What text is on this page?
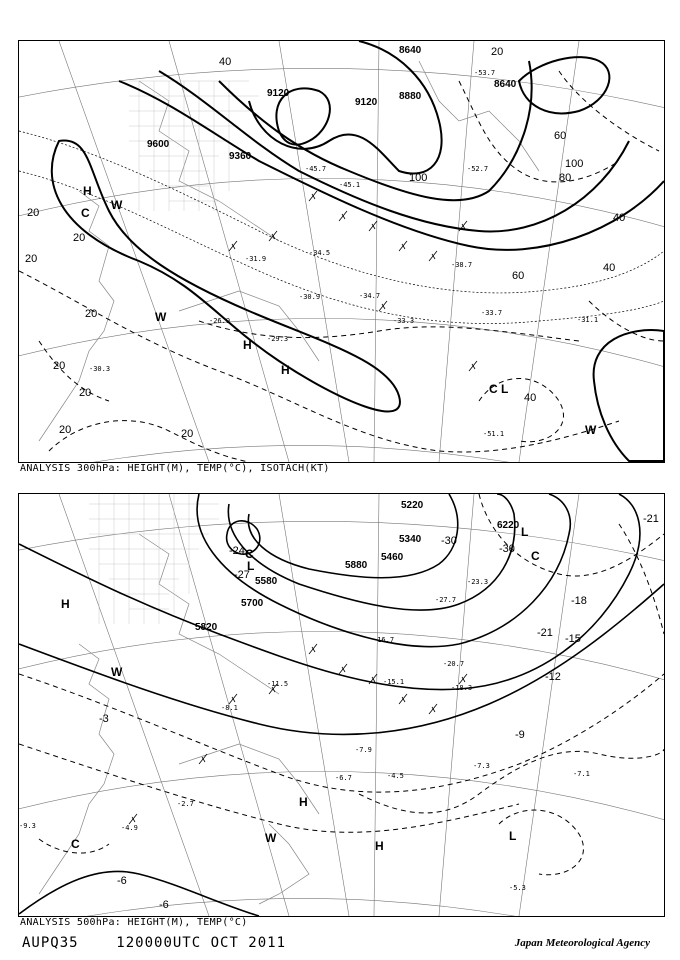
8640
8640
8880
9120
9120
9360
9600
20
20
20
20
20
20
20
20	20
40
40
40
40
60
60
80
100
100
H
H
H
C
C L
W
W
W
-45.1
-45.7
-34.5
-31.9
-30.9
-29.3
-26.9	-33.3
-34.7
-33.7
-31.1
-30.3
-38.7
-52.7
-53.7
-51.1
ANALYSIS 300hPa: HEIGHT(M), TEMP(°C), ISOTACH(KT)
5220
5340
5460
5580
5700
5820
5880
6220
-30
-30
-27
-24
-21
-21
-18
-15
-12
-9
-6
-3
-6
H
H
H
L
L
L
C
C
C
W
W
-27.7
-23.3
-20.7
-18.3
-16.7
-15.1
-11.5
-8.1
-7.9
-7.3
-7.1
-6.7	-4.5
-5.3
-4.9
-2.7
-9.3
ANALYSIS 500hPa: HEIGHT(M), TEMP(°C)
AUPQ35	120000UTC OCT 2011	Japan Meteorological Agency
